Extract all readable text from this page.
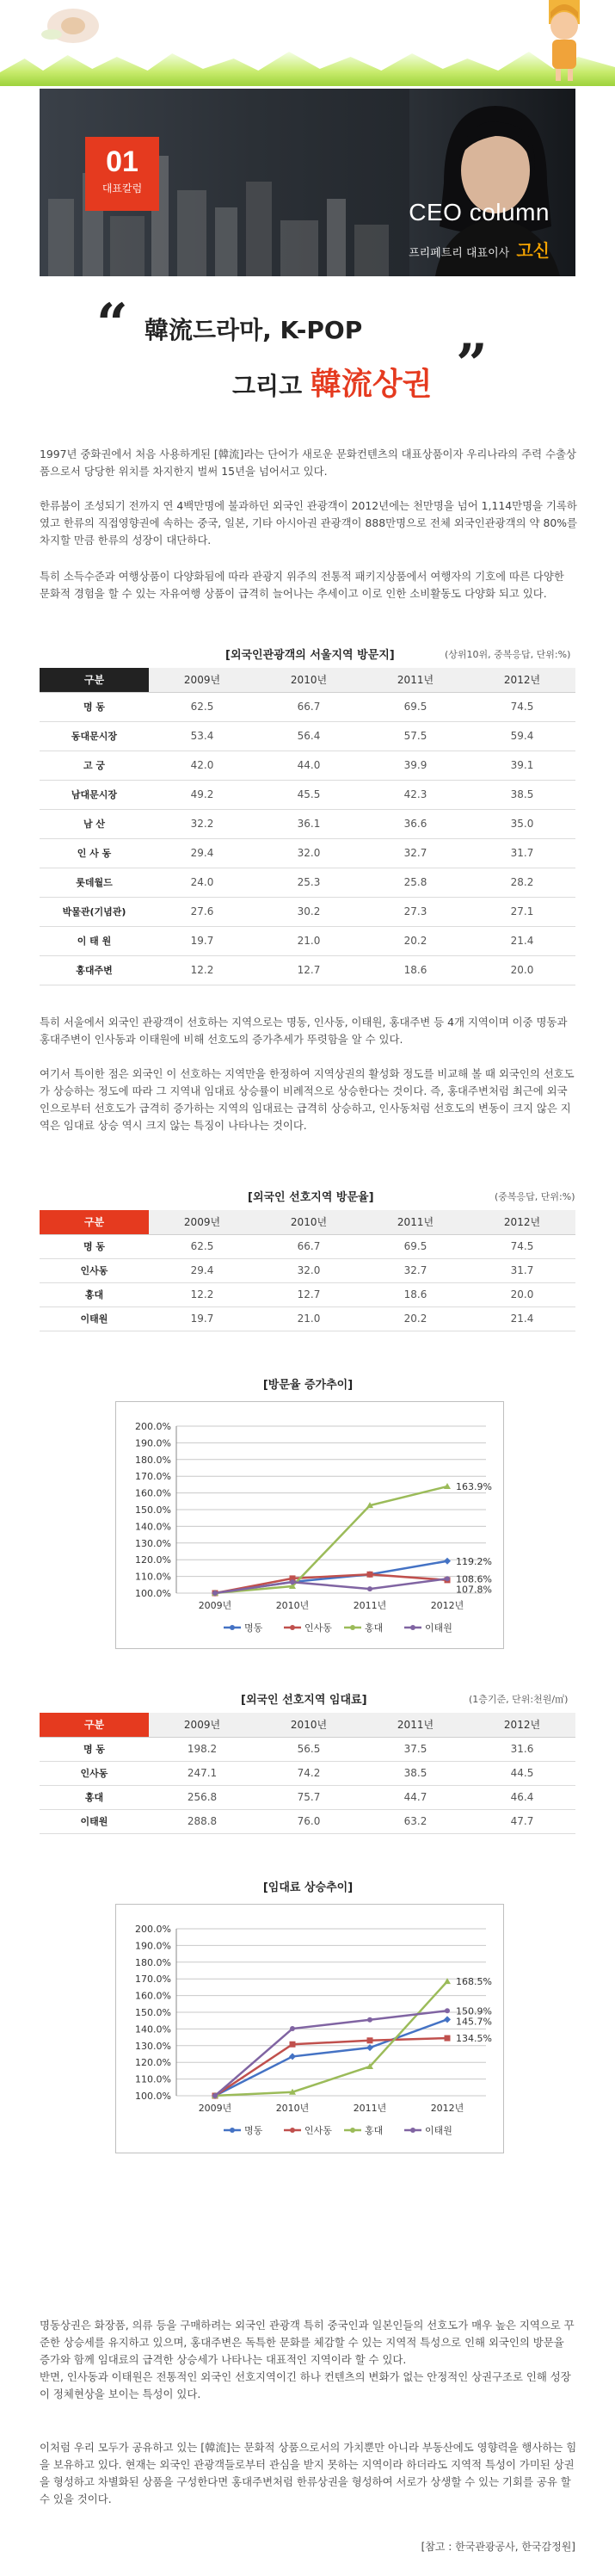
01
대표칼럼
CEO column
프리페트리 대표이사 고신
“ 韓流드라마, K-POP
그리고 韓流상권 ”

1997년 중화권에서 처음 사용하게된 [韓流]라는 단어가 새로운 문화컨텐츠의 대표상품이자 우리나라의 주력 수출상품으로서 당당한 위치를 차지한지 벌써 15년을 넘어서고 있다.

한류붐이 조성되기 전까지 연 4백만명에 불과하던 외국인 관광객이 2012년에는 천만명을 넘어 1,114만명을 기록하였고 한류의 직접영향권에 속하는 중국, 일본, 기타 아시아권 관광객이 888만명으로 전체 외국인관광객의 약 80%를 차지할 만큼 한류의 성장이 대단하다.

특히 소득수준과 여행상품이 다양화됨에 따라 관광지 위주의 전통적 패키지상품에서 여행자의 기호에 따른 다양한 문화적 경험을 할 수 있는 자유여행 상품이 급격히 늘어나는 추세이고 이로 인한 소비활동도 다양화 되고 있다.

[외국인관광객의 서울지역 방문지]	(상위10위, 중복응답, 단위:%)
구분	2009년	2010년	2011년	2012년
명 동	62.5	66.7	69.5	74.5
동대문시장	53.4	56.4	57.5	59.4
고 궁	42.0	44.0	39.9	39.1
남대문시장	49.2	45.5	42.3	38.5
남 산	32.2	36.1	36.6	35.0
인 사 동	29.4	32.0	32.7	31.7
롯데월드	24.0	25.3	25.8	28.2
박물관(기념관)	27.6	30.2	27.3	27.1
이 태 원	19.7	21.0	20.2	21.4
홍대주변	12.2	12.7	18.6	20.0

특히 서울에서 외국인 관광객이 선호하는 지역으로는 명동, 인사동, 이태원, 홍대주변 등 4개 지역이며 이중 명동과 홍대주변이 인사동과 이태원에 비해 선호도의 증가추세가 뚜렷함을 알 수 있다.

여기서 특이한 점은 외국인 이 선호하는 지역만을 한정하여 지역상권의 활성화 정도를 비교해 볼 때 외국인의 선호도가 상승하는 정도에 따라 그 지역내 임대료 상승률이 비례적으로 상승한다는 것이다. 즉, 홍대주변처럼 최근에 외국인으로부터 선호도가 급격히 증가하는 지역의 임대료는 급격히 상승하고, 인사동처럼 선호도의 변동이 크지 않은 지역은 임대료 상승 역시 크지 않는 특징이 나타나는 것이다.

[외국인 선호지역 방문율]	(중복응답, 단위:%)
구분	2009년	2010년	2011년	2012년
명 동	62.5	66.7	69.5	74.5
인사동	29.4	32.0	32.7	31.7
홍대	12.2	12.7	18.6	20.0
이태원	19.7	21.0	20.2	21.4
[방문율 증가추이]
100.0%
110.0%
120.0%
130.0%
140.0%
150.0%
160.0%
170.0%
180.0%
190.0%
200.0%
2009년	2010년	2011년	2012년
119.2%
107.8%
163.9%
108.6%
명동	인사동	홍대	이태원
[외국인 선호지역 임대료]	(1층기준, 단위:천원/㎡)
구분	2009년	2010년	2011년	2012년
명 동	198.2	56.5	37.5	31.6
인사동	247.1	74.2	38.5	44.5
홍대	256.8	75.7	44.7	46.4
이태원	288.8	76.0	63.2	47.7
[임대료 상승추이]
100.0%
110.0%
120.0%
130.0%
140.0%
150.0%
160.0%
170.0%
180.0%
190.0%
200.0%
2009년	2010년	2011년	2012년
145.7%
134.5%
168.5%
150.9%
명동	인사동	홍대	이태원

명동상권은 화장품, 의류 등을 구매하려는 외국인 관광객 특히 중국인과 일본인들의 선호도가 매우 높은 지역으로 꾸준한 상승세를 유지하고 있으며, 홍대주변은 독특한 문화를 체감할 수 있는 지역적 특성으로 인해 외국인의 방문율 증가와 함께 임대료의 급격한 상승세가 나타나는 대표적인 지역이라 할 수 있다.
반면, 인사동과 이태원은 전통적인 외국인 선호지역이긴 하나 컨텐츠의 변화가 없는 안정적인 상권구조로 인해 성장이 정체현상을 보이는 특성이 있다.

이처럼 우리 모두가 공유하고 있는 [韓流]는 문화적 상품으로서의 가치뿐만 아니라 부동산에도 영향력을 행사하는 힘을 보유하고 있다. 현재는 외국인 관광객들로부터 관심을 받지 못하는 지역이라 하더라도 지역적 특성이 가미된 상권을 형성하고 차별화된 상품을 구성한다면 홍대주변처럼 한류상권을 형성하여 서로가 상생할 수 있는 기회를 공유 할 수 있을 것이다.

[참고 : 한국관광공사, 한국감정원]
